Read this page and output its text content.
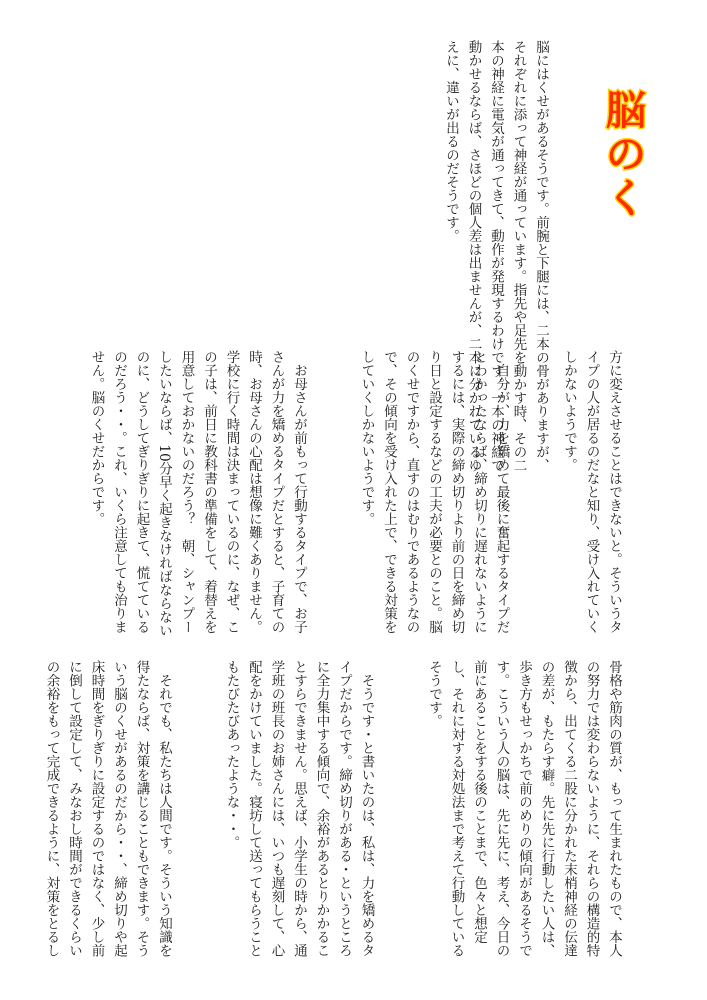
脳
の
く

脳にはくせがあるそうです。前腕と下腿には、二本の骨がありますが、それぞれに添って神経が通っています。指先や足先を動かす時、その二本の神経に電気が通ってきて、動作が発現するわけです。一本の神経で動かせるならば、さほどの個人差は出ませんが、二本に分かれているゆえに、違いが出るのだそうです。

方に変えさせることはできないと。そういうタイプの人が居るのだなと知り、受け入れていくしかないようです。

　自分が、力を矯めて最後に奮起するタイプだとわかったならば、締め切りに遅れないようにするには、実際の締め切りより前の日を締め切り日と設定するなどの工夫が必要とのこと。脳のくせですから、直すのはむりであるようなので、その傾向を受け入れた上で、できる対策をしていくしかないようです。

　お母さんが前もって行動するタイプで、お子さんが力を矯めるタイプだとすると、子育ての時、お母さんの心配は想像に難くありません。学校に行く時間は決まっているのに、なぜ、この子は、前日に教科書の準備をして、着替えを用意しておかないのだろう？　朝、シャンプーしたいならば、10分早く起きなければならないのに、どうしてぎりぎりに起きて、慌てているのだろう・・。これ、いくら注意しても治りません。脳のくせだからです。

骨格や筋肉の質が、もって生まれたもので、本人の努力では変わらないように、それらの構造的特徴から、出てくる二股に分かれた末梢神経の伝達の差が、もたらす癖。先に先に行動したい人は、歩き方もせっかちで前のめりの傾向があるそうです。こういう人の脳は、先に先に、考え、今日の前にあることをする後のことまで、色々と想定し、それに対する対処法まで考えて行動しているそうです。

　そうです・と書いたのは、私は、力を矯めるタイプだからです。締め切りがある・というところに全力集中する傾向で、余裕があるとりかかることすらできません。思えば、小学生の時から、通学班の班長のお姉さんには、いつも遅刻して、心配をかけていました。寝坊して送ってもらうこともたびたびあったような・・。

　それでも、私たちは人間です。そういう知識を得たならば、対策を講じることもできます。そういう脳のくせがあるのだから・・、締め切りや起床時間をぎりぎりに設定するのではなく、少し前に倒して設定して、みなおし時間ができるくらいの余裕をもって完成できるように、対策をとるし
